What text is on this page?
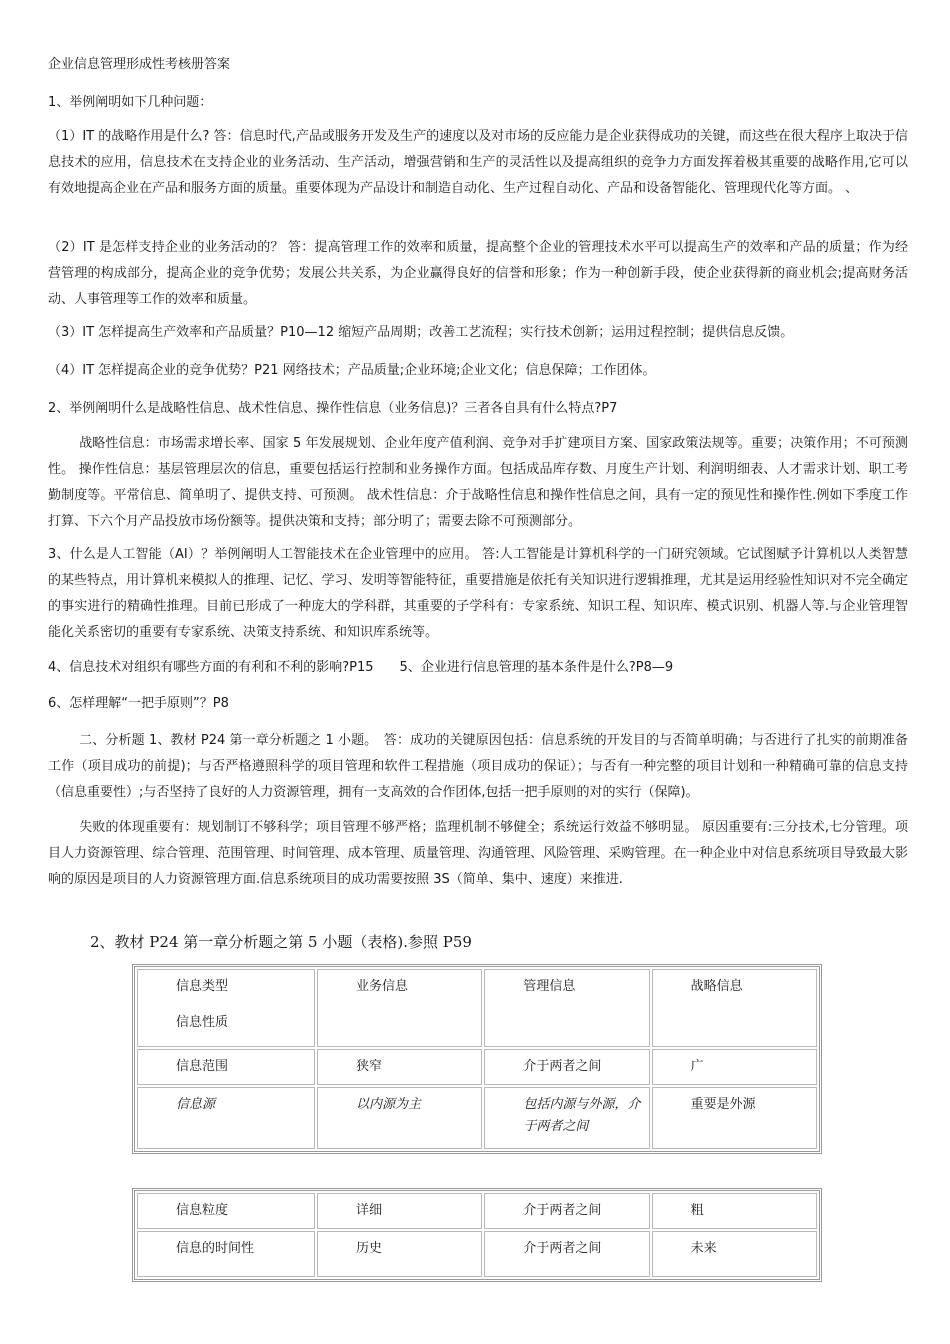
企业信息管理形成性考核册答案

1、举例阐明如下几种问题：

（1）IT 的战略作用是什么? 答：信息时代,产品或服务开发及生产的速度以及对市场的反应能力是企业获得成功的关键，而这些在很大程序上取决于信息技术的应用，信息技术在支持企业的业务活动、生产活动，增强营销和生产的灵活性以及提高组织的竞争力方面发挥着极其重要的战略作用,它可以有效地提高企业在产品和服务方面的质量。重要体现为产品设计和制造自动化、生产过程自动化、产品和设备智能化、管理现代化等方面。 、

（2）IT 是怎样支持企业的业务活动的？ 答：提高管理工作的效率和质量，提高整个企业的管理技术水平可以提高生产的效率和产品的质量；作为经营管理的构成部分，提高企业的竞争优势；发展公共关系，为企业赢得良好的信誉和形象；作为一种创新手段，使企业获得新的商业机会;提高财务活动、人事管理等工作的效率和质量。

（3）IT 怎样提高生产效率和产品质量？P10—12 缩短产品周期；改善工艺流程；实行技术创新；运用过程控制；提供信息反馈。

（4）IT 怎样提高企业的竞争优势？P21 网络技术；产品质量;企业环境;企业文化；信息保障；工作团体。

2、举例阐明什么是战略性信息、战术性信息、操作性信息（业务信息)？三者各自具有什么特点?P7

战略性信息：市场需求增长率、国家 5 年发展规划、企业年度产值利润、竞争对手扩建项目方案、国家政策法规等。重要；决策作用；不可预测性。 操作性信息：基层管理层次的信息，重要包括运行控制和业务操作方面。包括成品库存数、月度生产计划、利润明细表、人才需求计划、职工考勤制度等。平常信息、简单明了、提供支持、可预测。 战术性信息：介于战略性信息和操作性信息之间，具有一定的预见性和操作性.例如下季度工作打算、下六个月产品投放市场份额等。提供决策和支持；部分明了；需要去除不可预测部分。

3、什么是人工智能（AI）？举例阐明人工智能技术在企业管理中的应用。 答:人工智能是计算机科学的一门研究领域。它试图赋予计算机以人类智慧的某些特点，用计算机来模拟人的推理、记忆、学习、发明等智能特征，重要措施是依托有关知识进行逻辑推理，尤其是运用经验性知识对不完全确定的事实进行的精确性推理。目前已形成了一种庞大的学科群，其重要的子学科有：专家系统、知识工程、知识库、模式识别、机器人等.与企业管理智能化关系密切的重要有专家系统、决策支持系统、和知识库系统等。

4、信息技术对组织有哪些方面的有利和不利的影响?P15　　5、企业进行信息管理的基本条件是什么?P8—9

6、怎样理解“一把手原则”？P8

二、分析题 1、教材 P24 第一章分析题之 1 小题。　答：成功的关键原因包括：信息系统的开发目的与否简单明确；与否进行了扎实的前期准备工作（项目成功的前提)；与否严格遵照科学的项目管理和软件工程措施（项目成功的保证）；与否有一种完整的项目计划和一种精确可靠的信息支持（信息重要性）;与否坚持了良好的人力资源管理，拥有一支高效的合作团体,包括一把手原则的对的实行（保障)。

失败的体现重要有：规划制订不够科学；项目管理不够严格；监理机制不够健全；系统运行效益不够明显。 原因重要有:三分技术,七分管理。项目人力资源管理、综合管理、范围管理、时间管理、成本管理、质量管理、沟通管理、风险管理、采购管理。在一种企业中对信息系统项目导致最大影响的原因是项目的人力资源管理方面.信息系统项目的成功需要按照 3S（简单、集中、速度）来推进.

2、教材 P24 第一章分析题之第 5 小题（表格).参照 P59

信息类型
信息性质	业务信息	管理信息	战略信息
信息范围	狭窄	介于两者之间	广
信息源	以内源为主	包括内源与外源，介于两者之间	重要是外源
信息粒度	详细	介于两者之间	粗
信息的时间性	历史	介于两者之间	未来
